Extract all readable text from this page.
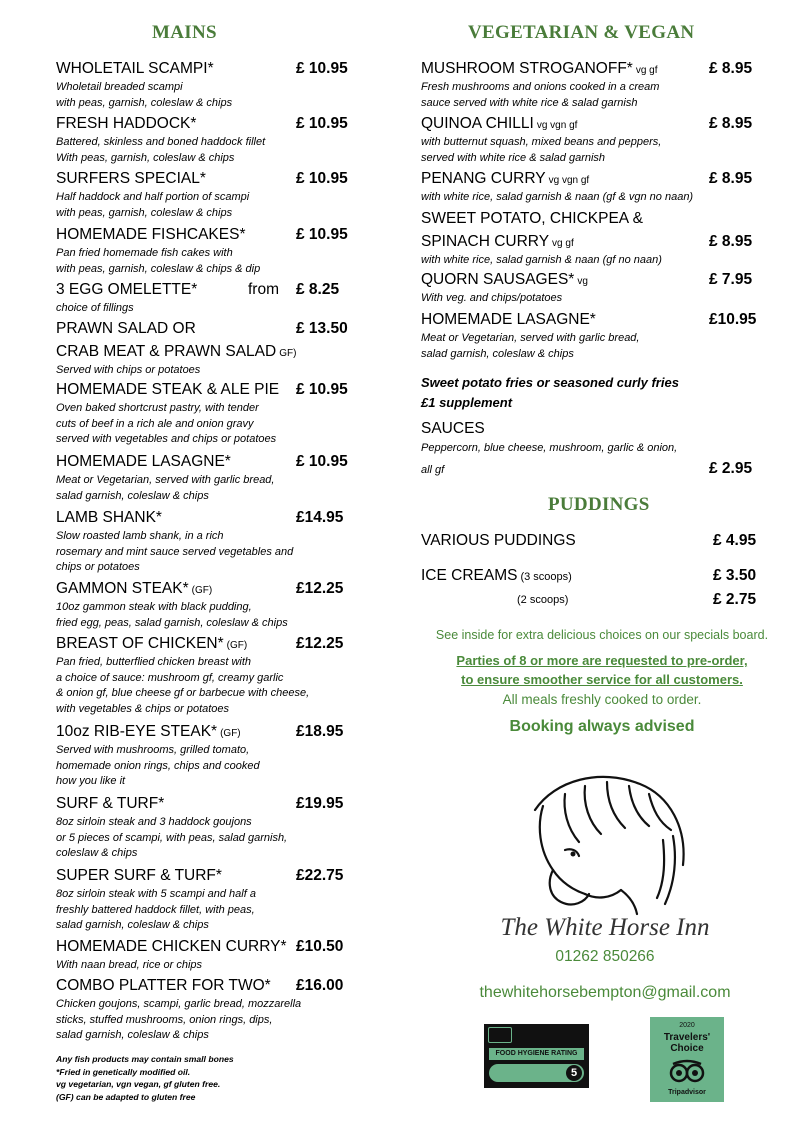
MAINS	VEGETARIAN & VEGAN
WHOLETAIL SCAMPI*	£ 10.95
Wholetail breaded scampi
with peas, garnish, coleslaw & chips
FRESH HADDOCK*	£ 10.95
Battered, skinless and boned haddock fillet
With peas, garnish, coleslaw & chips
SURFERS SPECIAL*	£ 10.95
Half haddock and half portion of scampi
with peas, garnish, coleslaw & chips
HOMEMADE FISHCAKES*	£ 10.95
Pan fried homemade fish cakes with
with peas, garnish, coleslaw & chips & dip
3 EGG OMELETTE*	from £ 8.25
choice of fillings
PRAWN SALAD OR	£ 13.50
CRAB MEAT & PRAWN SALAD GF)
Served with chips or potatoes
HOMEMADE STEAK & ALE PIE £ 10.95
Oven baked shortcrust pastry, with tender
cuts of beef in a rich ale and onion gravy
served with vegetables and chips or potatoes
HOMEMADE LASAGNE*	£ 10.95
Meat or Vegetarian, served with garlic bread,
salad garnish, coleslaw & chips
LAMB SHANK*	£14.95
Slow roasted lamb shank, in a rich
rosemary and mint sauce served vegetables and
chips or potatoes
GAMMON STEAK* (GF)	£12.25
10oz gammon steak with black pudding,
fried egg, peas, salad garnish, coleslaw & chips
BREAST OF CHICKEN* (GF)	£12.25
Pan fried, butterflied chicken breast with
a choice of sauce: mushroom gf, creamy garlic
& onion gf, blue cheese gf or barbecue with cheese,
with vegetables & chips or potatoes
10oz RIB-EYE STEAK* (GF)	£18.95
Served with mushrooms, grilled tomato,
homemade onion rings, chips and cooked
how you like it
SURF & TURF*	£19.95
8oz sirloin steak and 3 haddock goujons
or 5 pieces of scampi, with peas, salad garnish,
coleslaw & chips
SUPER SURF & TURF*	£22.75
8oz sirloin steak with 5 scampi and half a
freshly battered haddock fillet, with peas,
salad garnish, coleslaw & chips
HOMEMADE CHICKEN CURRY* £10.50
With naan bread, rice or chips
COMBO PLATTER FOR TWO* £16.00
Chicken goujons, scampi, garlic bread, mozzarella
sticks, stuffed mushrooms, onion rings, dips,
salad garnish, coleslaw & chips
MUSHROOM STROGANOFF* vg gf	£ 8.95
Fresh mushrooms and onions cooked in a cream
sauce served with white rice & salad garnish
QUINOA CHILLI vg vgn gf	£ 8.95
with butternut squash, mixed beans and peppers,
served with white rice & salad garnish
PENANG CURRY vg vgn gf	£ 8.95
with white rice, salad garnish & naan (gf & vgn no naan)
SWEET POTATO, CHICKPEA &
SPINACH CURRY vg gf	£ 8.95
with white rice, salad garnish & naan (gf no naan)
QUORN SAUSAGES* vg	£ 7.95
With veg. and chips/potatoes
HOMEMADE LASAGNE*	£10.95
Meat or Vegetarian, served with garlic bread,
salad garnish, coleslaw & chips
Sweet potato fries or seasoned curly fries
£1 supplement
SAUCES
Peppercorn, blue cheese, mushroom, garlic & onion,
all gf	£ 2.95
PUDDINGS
VARIOUS PUDDINGS	£ 4.95
ICE CREAMS (3 scoops)	£ 3.50
(2 scoops)	£ 2.75
See inside for extra delicious choices on our specials board.
Parties of 8 or more are requested to pre-order,
to ensure smoother service for all customers.
All meals freshly cooked to order.
Booking always advised
The White Horse Inn
01262 850266
thewhitehorsebempton@gmail.com
FOOD HYGIENE RATING
5
2020
Travelers'
Choice
Tripadvisor
Any fish products may contain small bones
*Fried in genetically modified oil.
vg vegetarian, vgn vegan, gf gluten free.
(GF) can be adapted to gluten free
